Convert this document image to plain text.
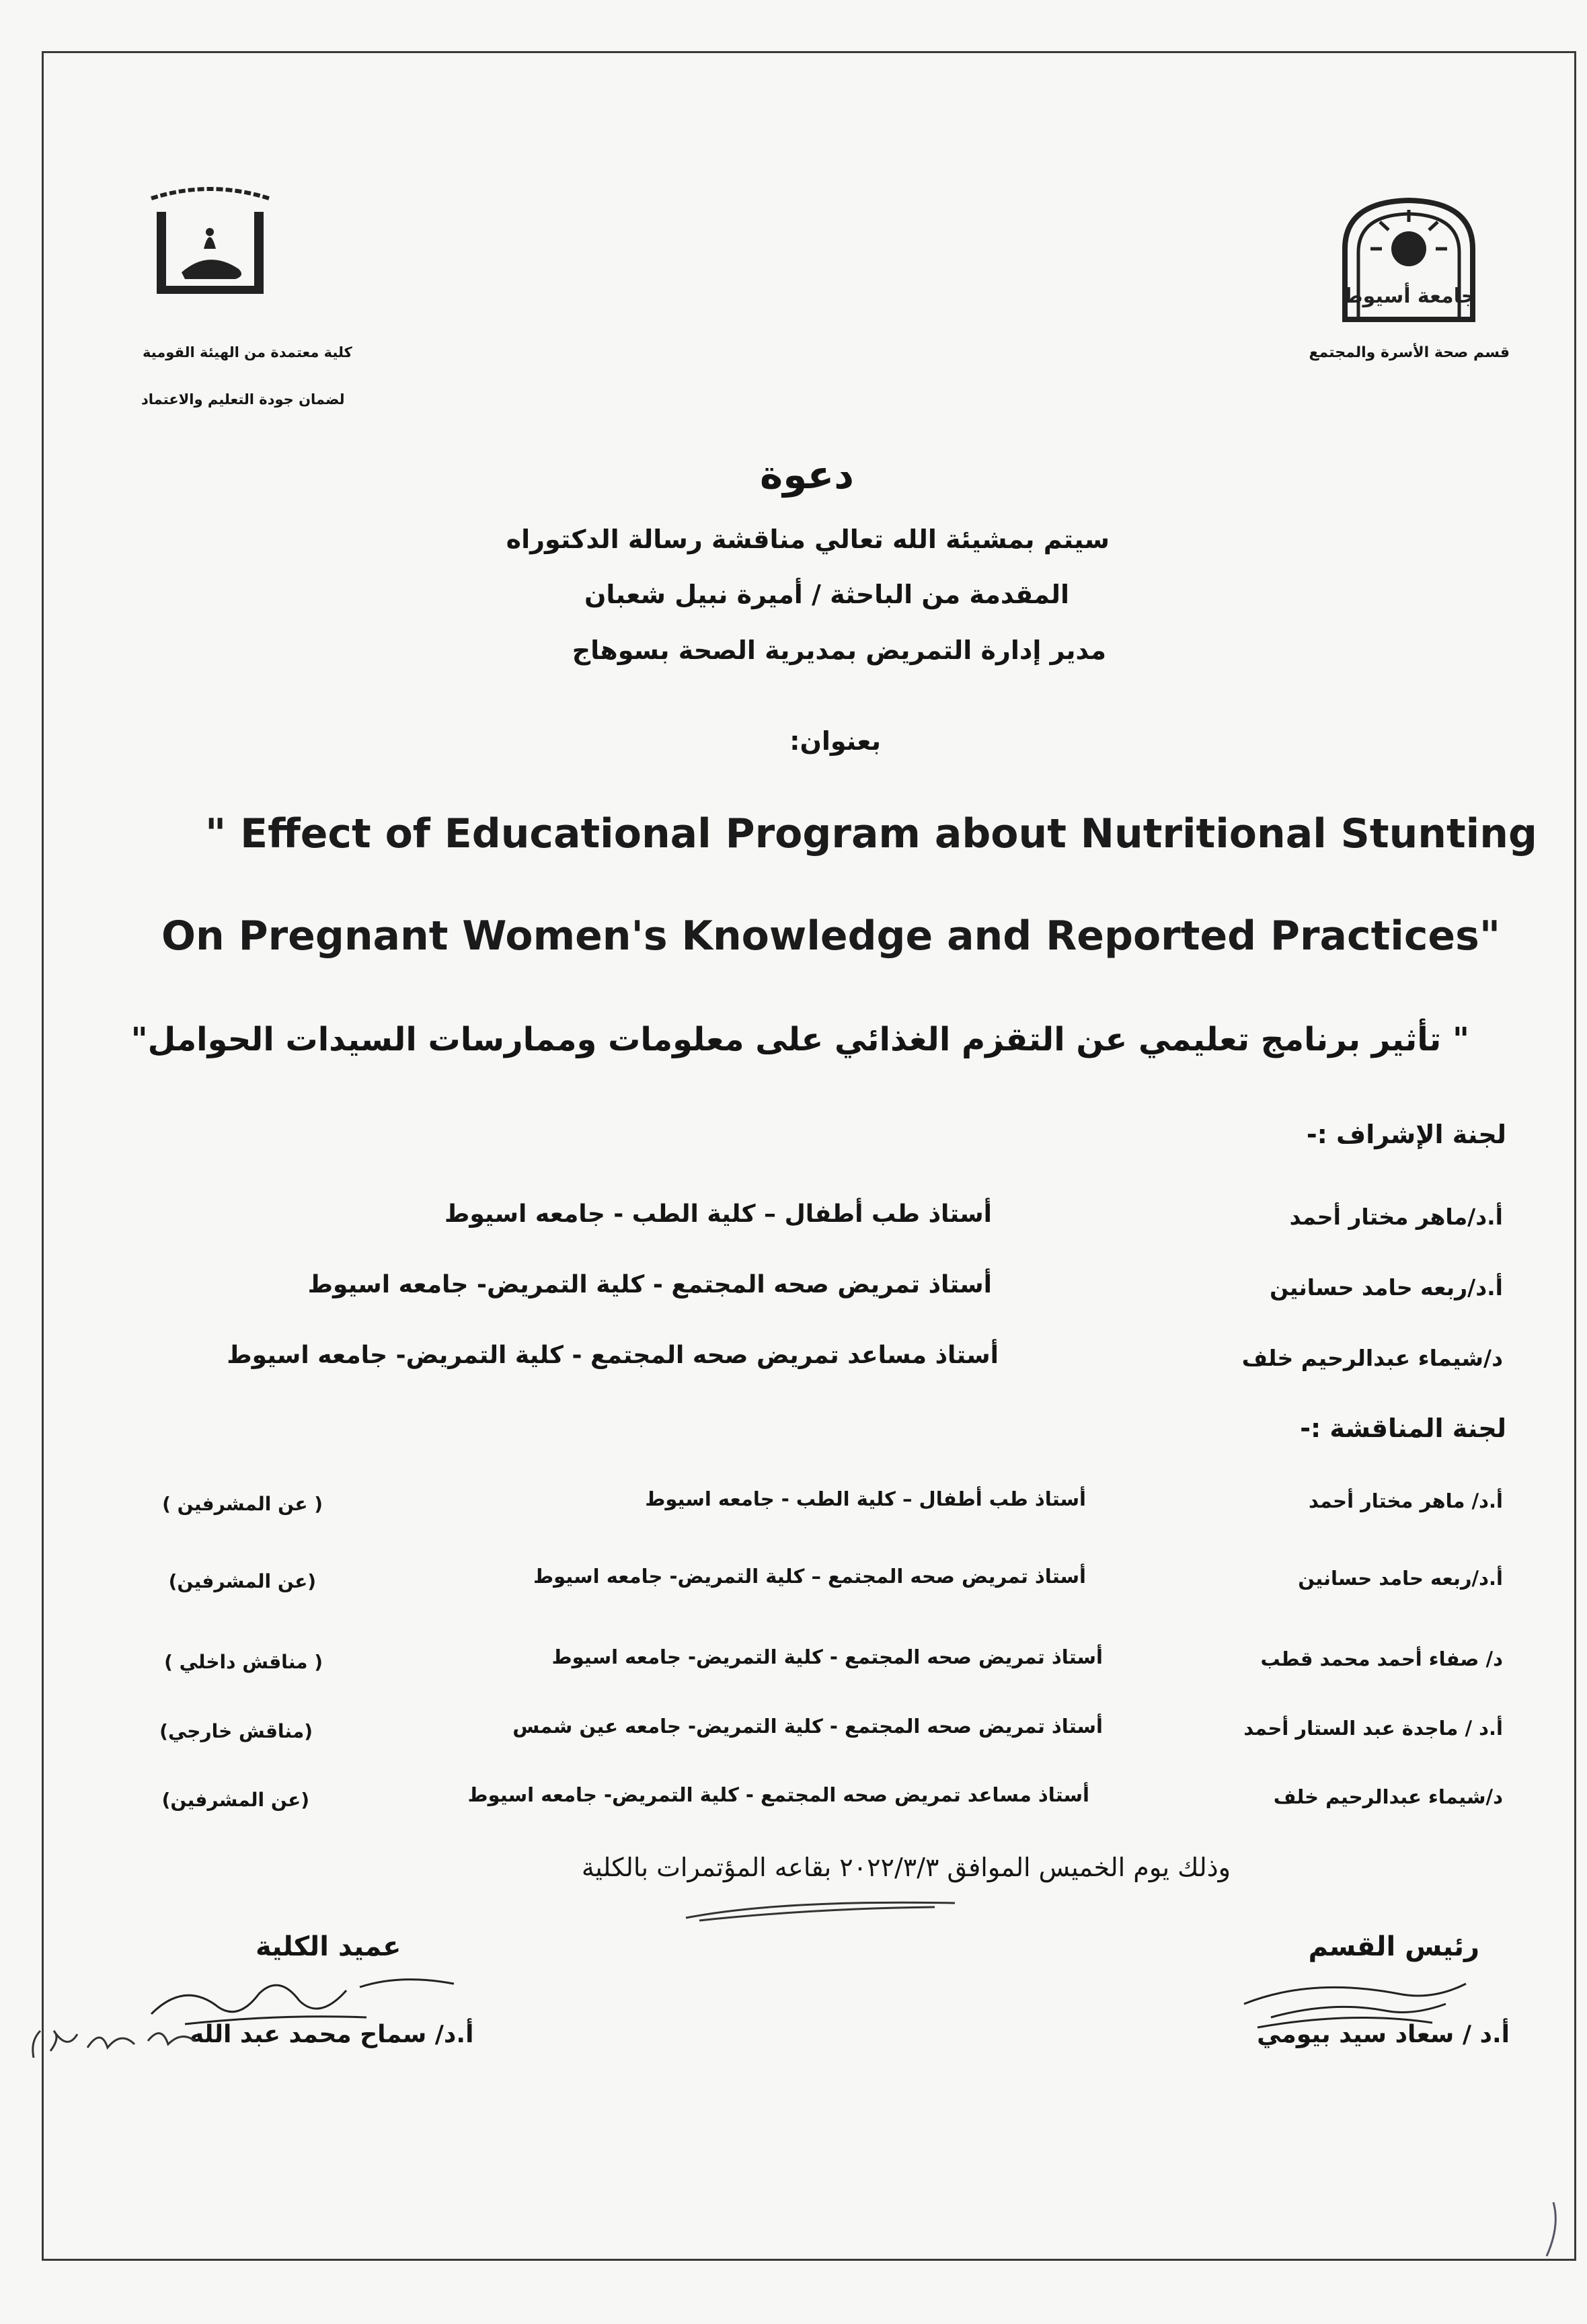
جامعة أسيوط
قسم صحة الأسرة والمجتمع
كلية معتمدة من الهيئة القومية
لضمان جودة التعليم والاعتماد
دعوة
سيتم بمشيئة الله تعالي مناقشة رسالة الدكتوراه
المقدمة من الباحثة / أميرة نبيل شعبان
مدير إدارة التمريض بمديرية الصحة بسوهاج
بعنوان:
" Effect of Educational Program about Nutritional Stunting
On Pregnant Women's Knowledge and Reported Practices"
" تأثير برنامج تعليمي عن التقزم الغذائي على معلومات وممارسات السيدات الحوامل"
لجنة الإشراف :-
أ.د/ماهر مختار أحمد
أستاذ طب أطفال – كلية الطب - جامعه اسيوط
أ.د/ربعه حامد حسانين
أستاذ تمريض صحه المجتمع - كلية التمريض- جامعه اسيوط
د/شيماء عبدالرحيم خلف
أستاذ مساعد تمريض صحه المجتمع - كلية التمريض- جامعه اسيوط
لجنة المناقشة :-
أ.د/ ماهر مختار أحمد
أستاذ طب أطفال – كلية الطب - جامعه اسيوط
( عن المشرفين )
أ.د/ربعه حامد حسانين
أستاذ تمريض صحه المجتمع – كلية التمريض- جامعه اسيوط
(عن المشرفين)
د/ صفاء أحمد محمد قطب
أستاذ تمريض صحه المجتمع - كلية التمريض- جامعه اسيوط
( مناقش داخلي )
أ.د / ماجدة عبد الستار أحمد
أستاذ تمريض صحه المجتمع - كلية التمريض- جامعه عين شمس
(مناقش خارجي)
د/شيماء عبدالرحيم خلف
أستاذ مساعد تمريض صحه المجتمع - كلية التمريض- جامعه اسيوط
(عن المشرفين)
وذلك يوم الخميس الموافق ٢٠٢٢/٣/٣ بقاعه المؤتمرات بالكلية
رئيس القسم
أ.د / سعاد سيد بيومي
عميد الكلية
أ.د/ سماح محمد عبد الله
